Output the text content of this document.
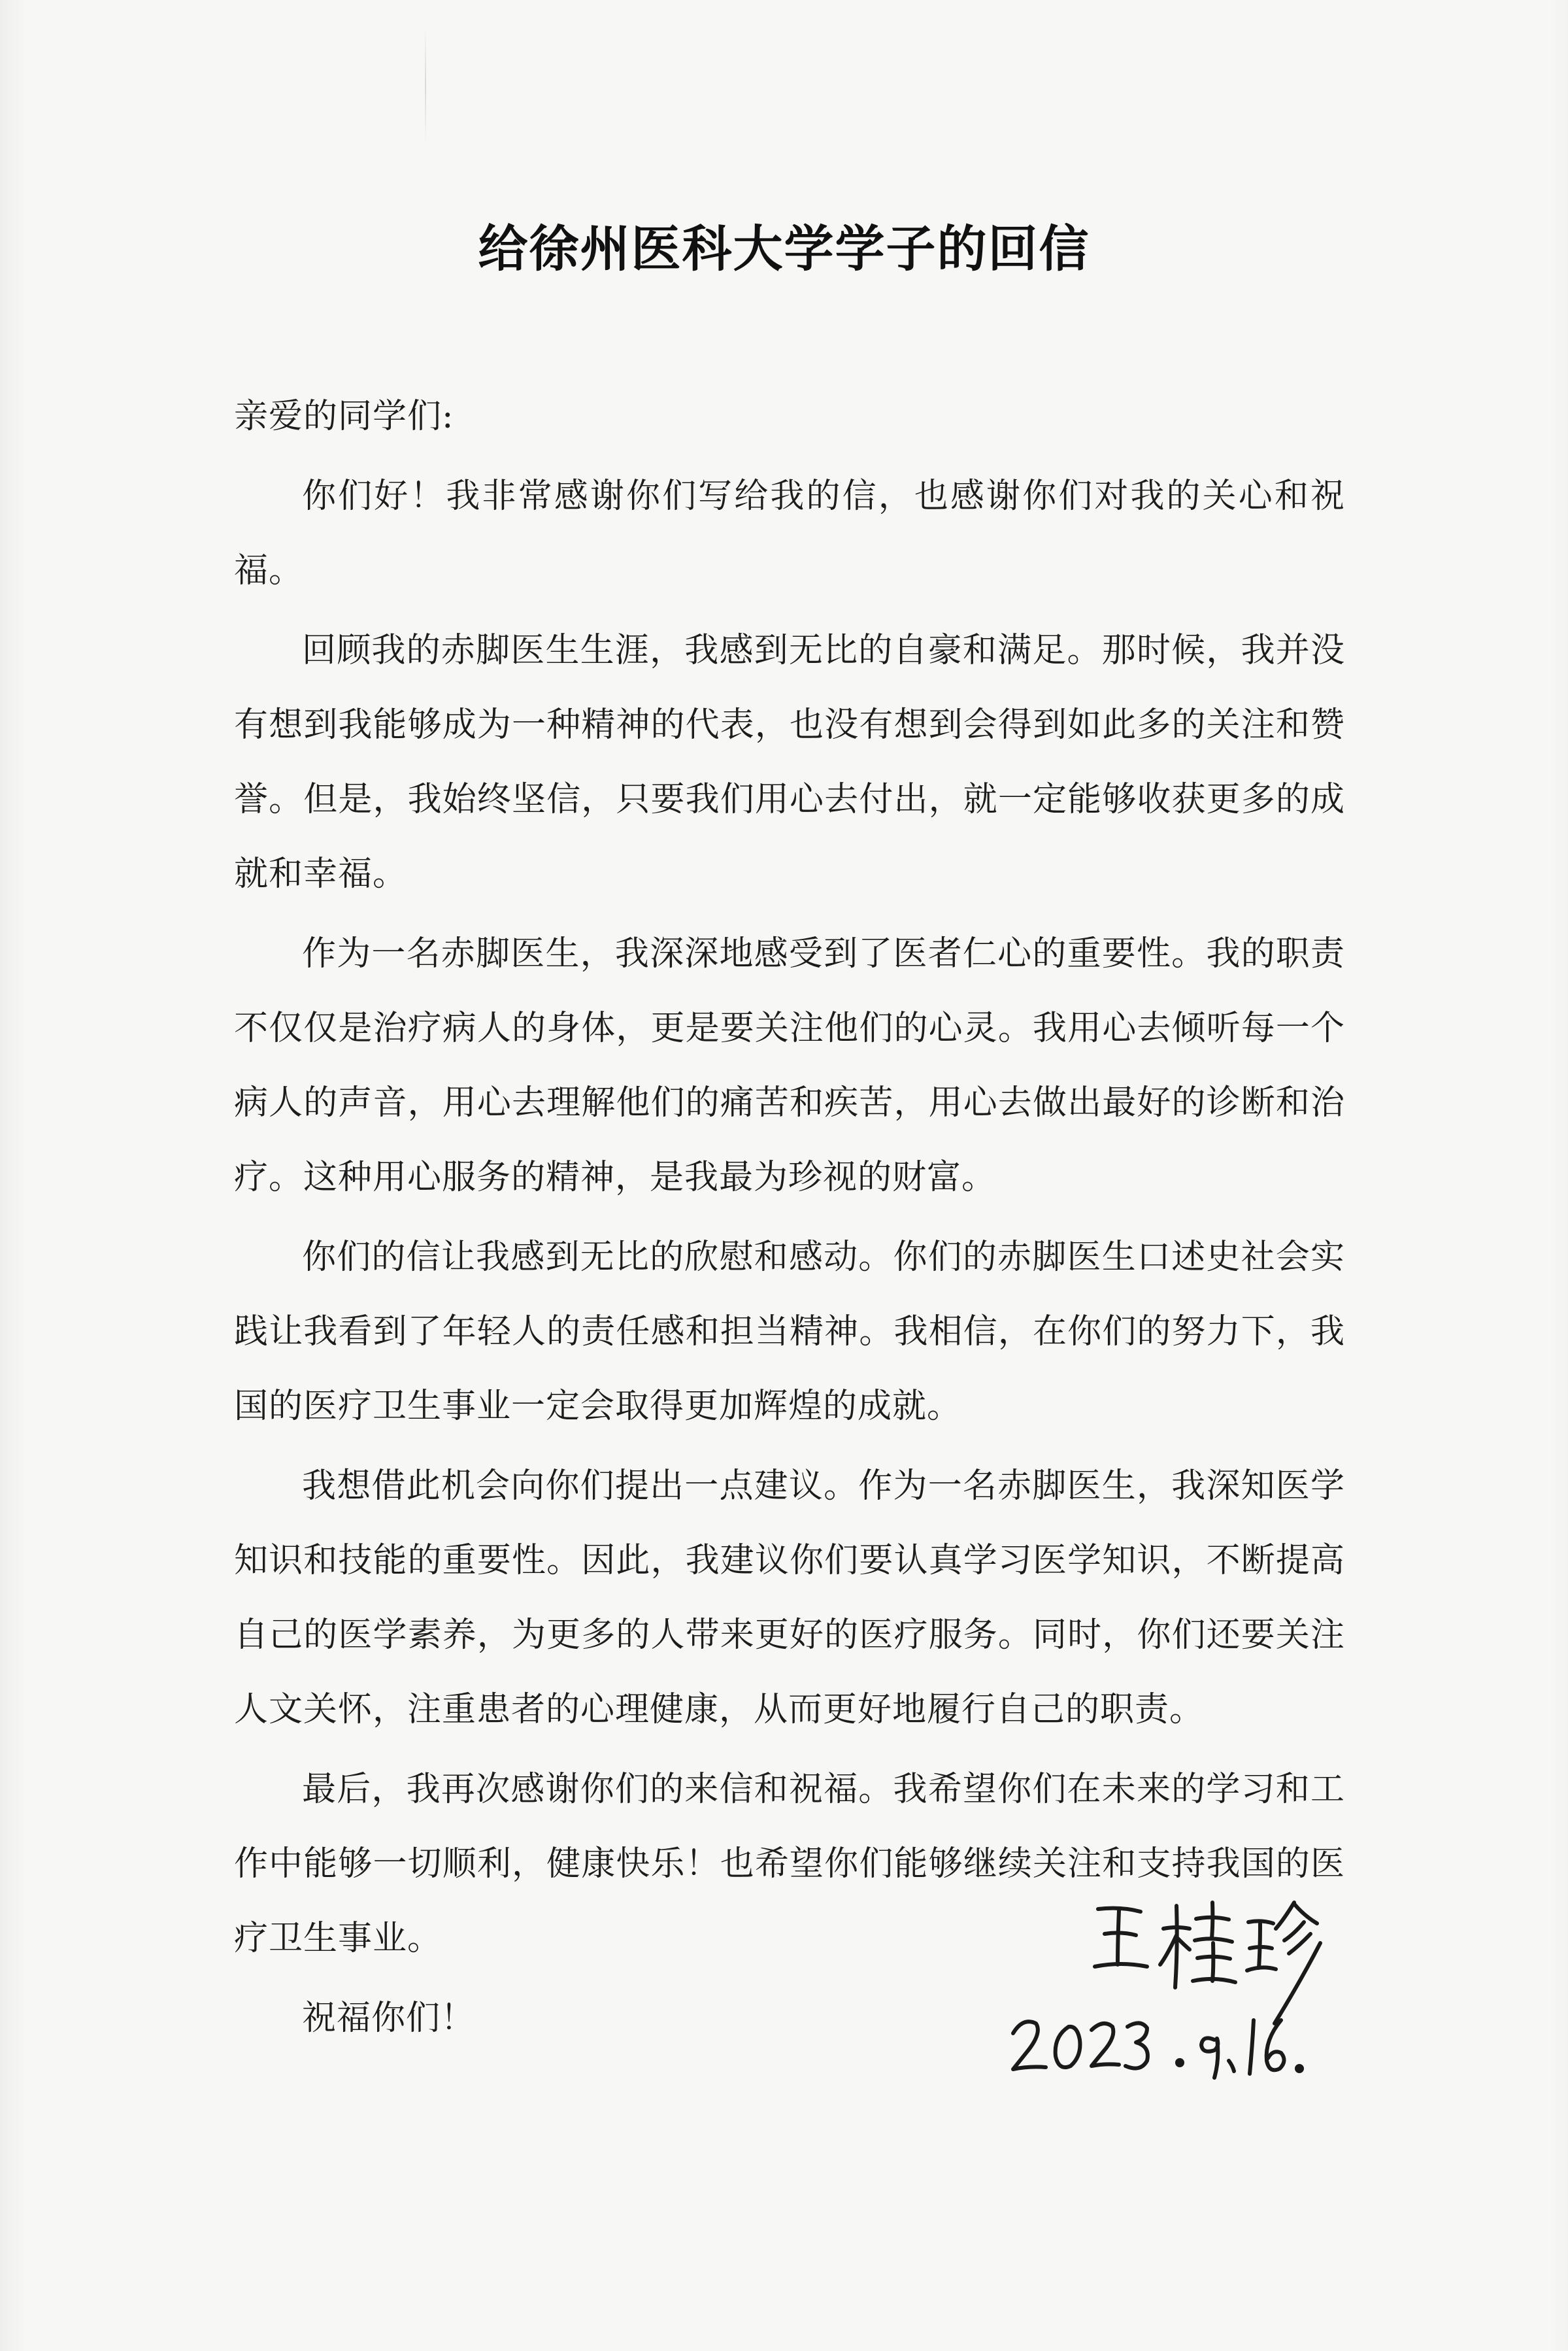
给徐州医科大学学子的回信

亲爱的同学们:

你们好！我非常感谢你们写给我的信，也感谢你们对我的关心和祝福。

回顾我的赤脚医生生涯，我感到无比的自豪和满足。那时候，我并没有想到我能够成为一种精神的代表，也没有想到会得到如此多的关注和赞誉。但是，我始终坚信，只要我们用心去付出，就一定能够收获更多的成就和幸福。

作为一名赤脚医生，我深深地感受到了医者仁心的重要性。我的职责不仅仅是治疗病人的身体，更是要关注他们的心灵。我用心去倾听每一个病人的声音，用心去理解他们的痛苦和疾苦，用心去做出最好的诊断和治疗。这种用心服务的精神，是我最为珍视的财富。

你们的信让我感到无比的欣慰和感动。你们的赤脚医生口述史社会实践让我看到了年轻人的责任感和担当精神。我相信，在你们的努力下，我国的医疗卫生事业一定会取得更加辉煌的成就。

我想借此机会向你们提出一点建议。作为一名赤脚医生，我深知医学知识和技能的重要性。因此，我建议你们要认真学习医学知识，不断提高自己的医学素养，为更多的人带来更好的医疗服务。同时，你们还要关注人文关怀，注重患者的心理健康，从而更好地履行自己的职责。

最后，我再次感谢你们的来信和祝福。我希望你们在未来的学习和工作中能够一切顺利，健康快乐！也希望你们能够继续关注和支持我国的医疗卫生事业。

祝福你们！
